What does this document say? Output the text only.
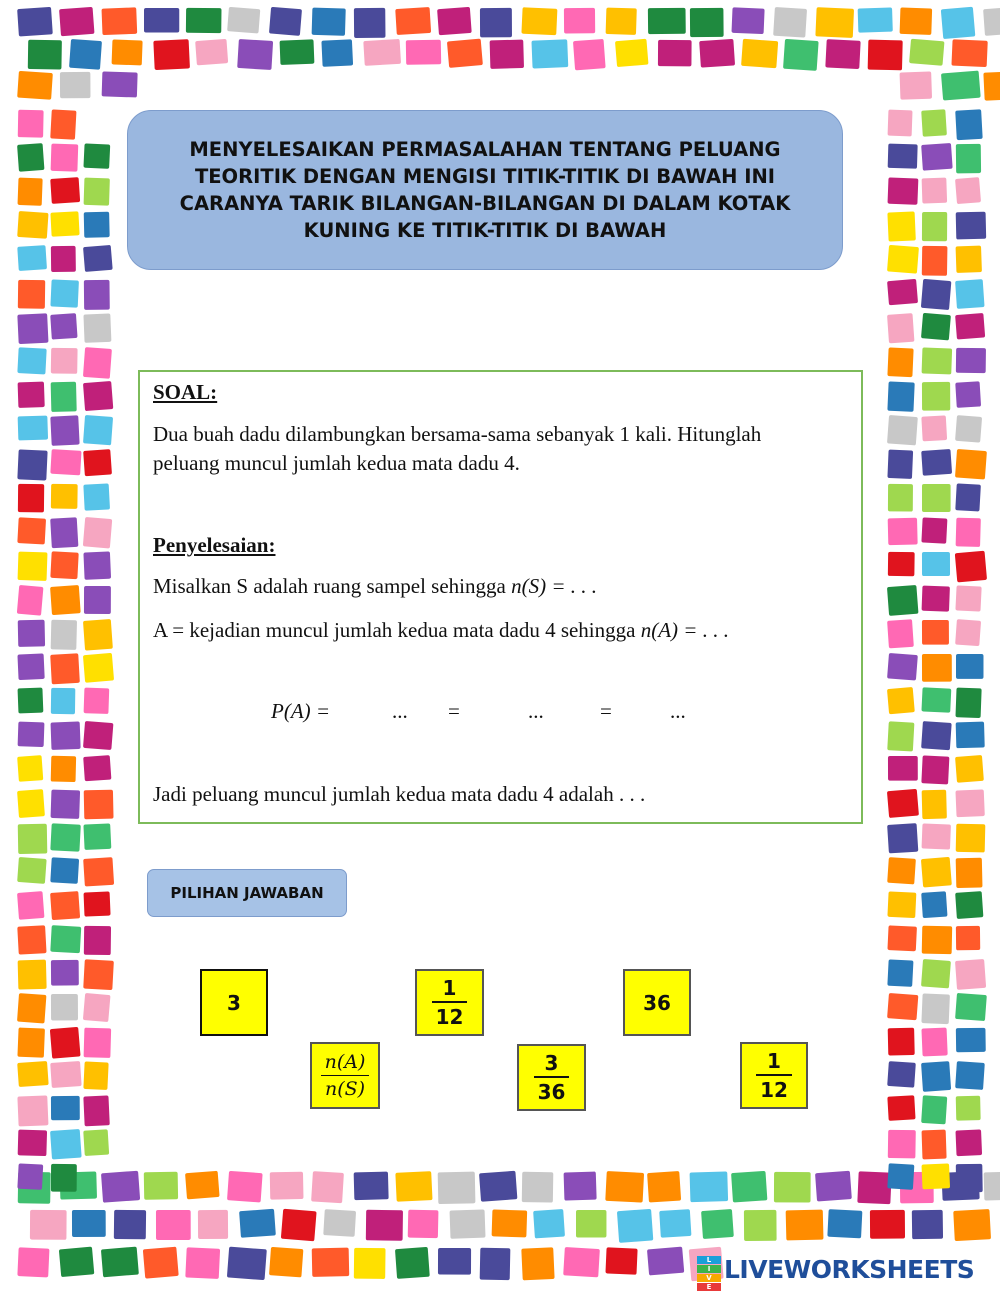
MENYELESAIKAN PERMASALAHAN TENTANG PELUANG TEORITIK DENGAN MENGISI TITIK-TITIK DI BAWAH INI CARANYA TARIK BILANGAN-BILANGAN DI DALAM KOTAK KUNING KE TITIK-TITIK DI BAWAH

SOAL:
Dua buah dadu dilambungkan bersama-sama sebanyak 1 kali. Hitunglah
peluang muncul jumlah kedua mata dadu 4.
Penyelesaian:
Misalkan S adalah ruang sampel sehingga n(S) = . . .
A = kejadian muncul jumlah kedua mata dadu 4 sehingga n(A) = . . .
P(A) =	... =	...	=	...
Jadi peluang muncul jumlah kedua mata dadu 4 adalah . . .
PILIHAN JAWABAN
3	$\frac{1}{12}$	36
$\frac{n(A)}{n(S)}$	$\frac{3}{36}$	$\frac{1}{12}$
L
I
V
E
LIVEWORKSHEETS
